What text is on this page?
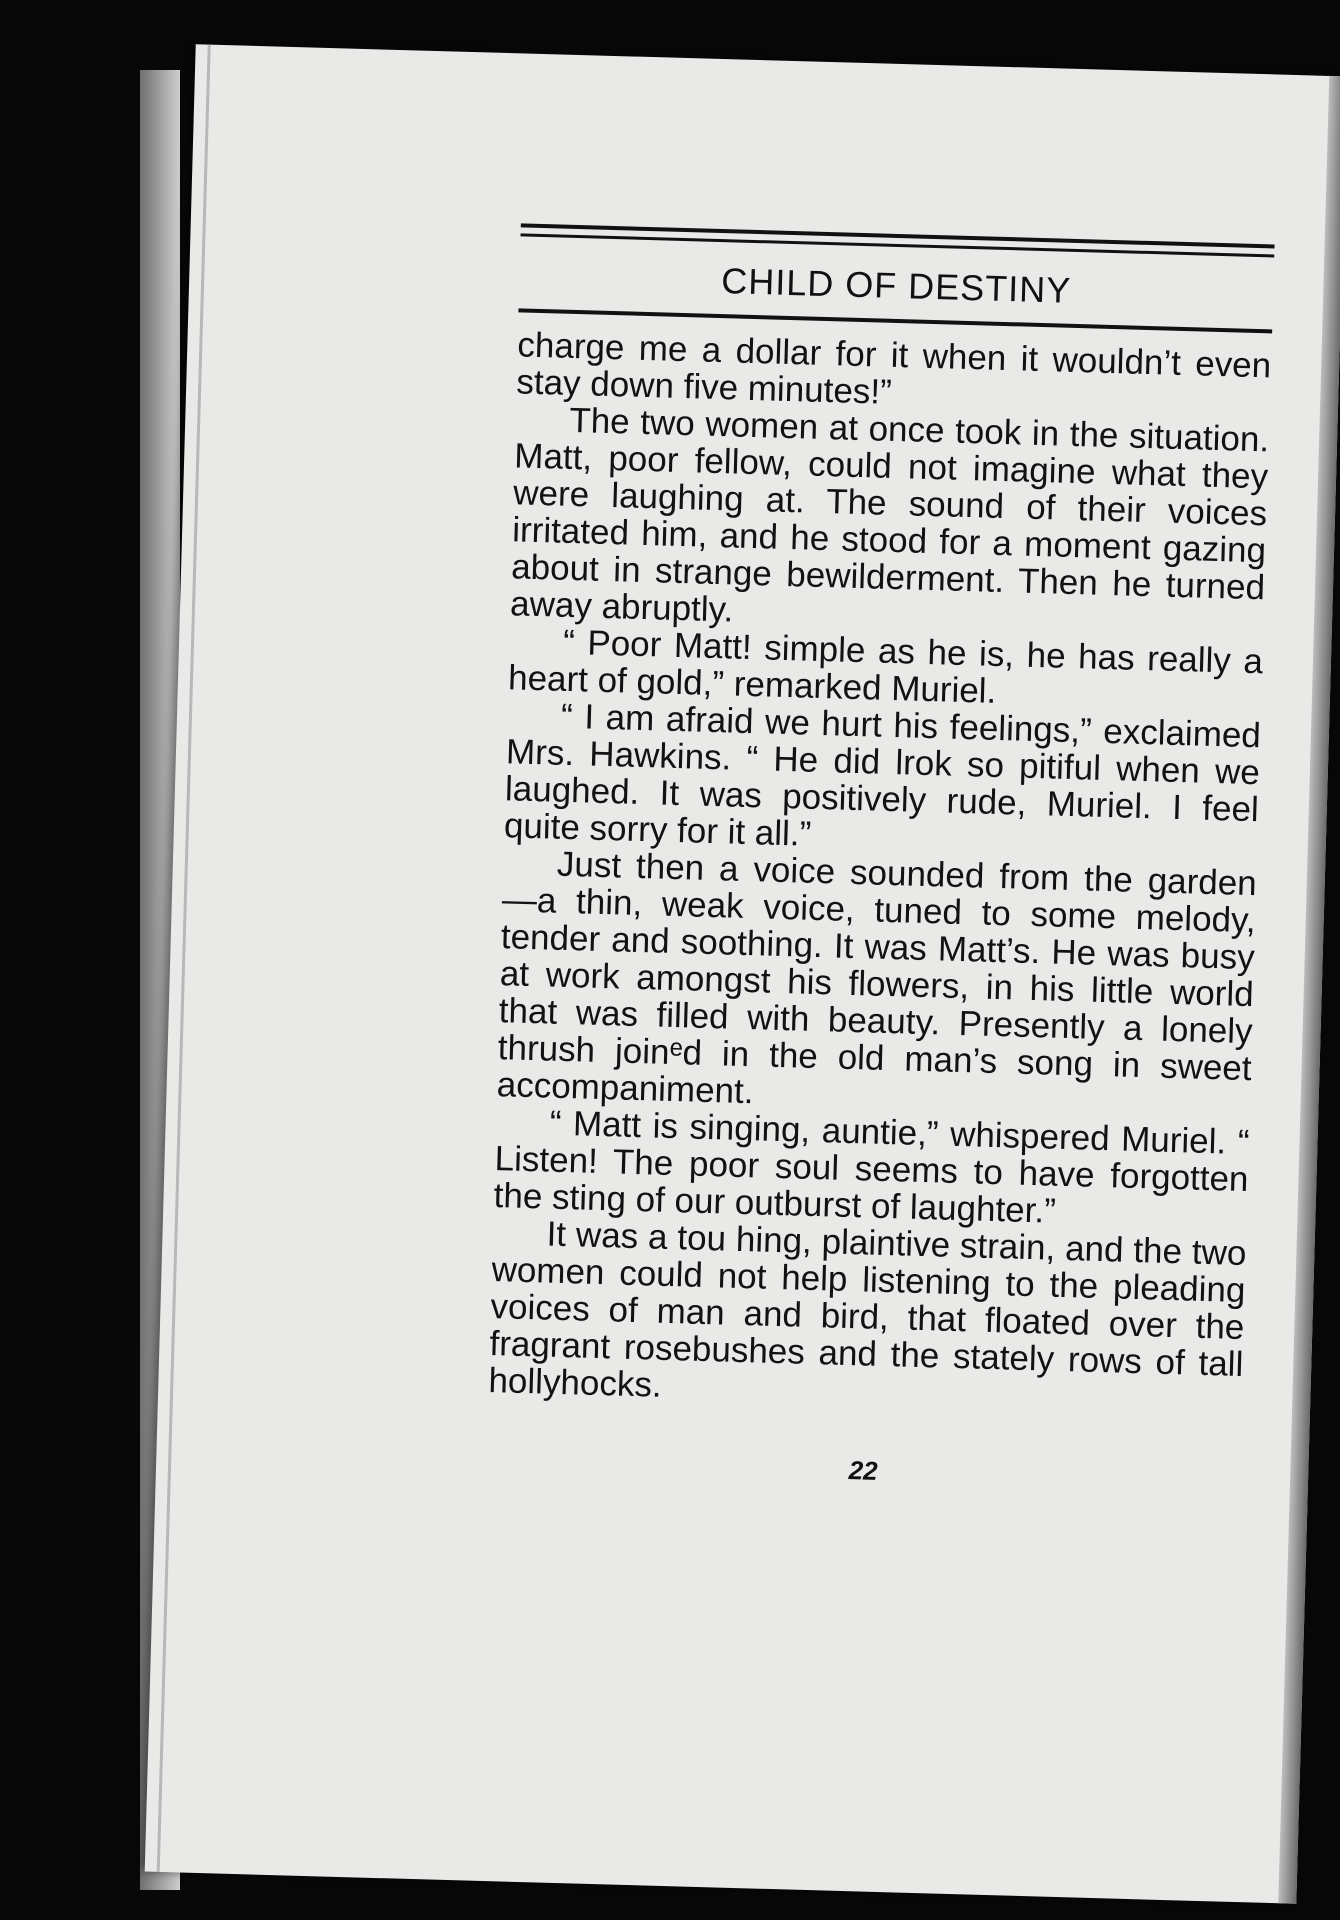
CHILD OF DESTINY

charge me a dollar for it when it wouldn’t even stay down five minutes!”

The two women at once took in the situation. Matt, poor fellow, could not imagine what they were laughing at. The sound of their voices irritated him, and he stood for a moment gazing about in strange bewilderment. Then he turned away abruptly.

“ Poor Matt! simple as he is, he has really a heart of gold,” remarked Muriel.

“ I am afraid we hurt his feelings,” exclaimed Mrs. Hawkins. “ He did lrok so pitiful when we laughed. It was positively rude, Muriel. I feel quite sorry for it all.”

Just then a voice sounded from the garden —a thin, weak voice, tuned to some melody, tender and soothing. It was Matt’s. He was busy at work amongst his flowers, in his little world that was filled with beauty. Presently a lonely thrush joinᵉd in the old man’s song in sweet accompaniment.

“ Matt is singing, auntie,” whispered Muriel. “ Listen! The poor soul seems to have forgotten the sting of our outburst of laughter.”

It was a tou hing, plaintive strain, and the two women could not help listening to the pleading voices of man and bird, that floated over the fragrant rosebushes and the stately rows of tall hollyhocks.

22
